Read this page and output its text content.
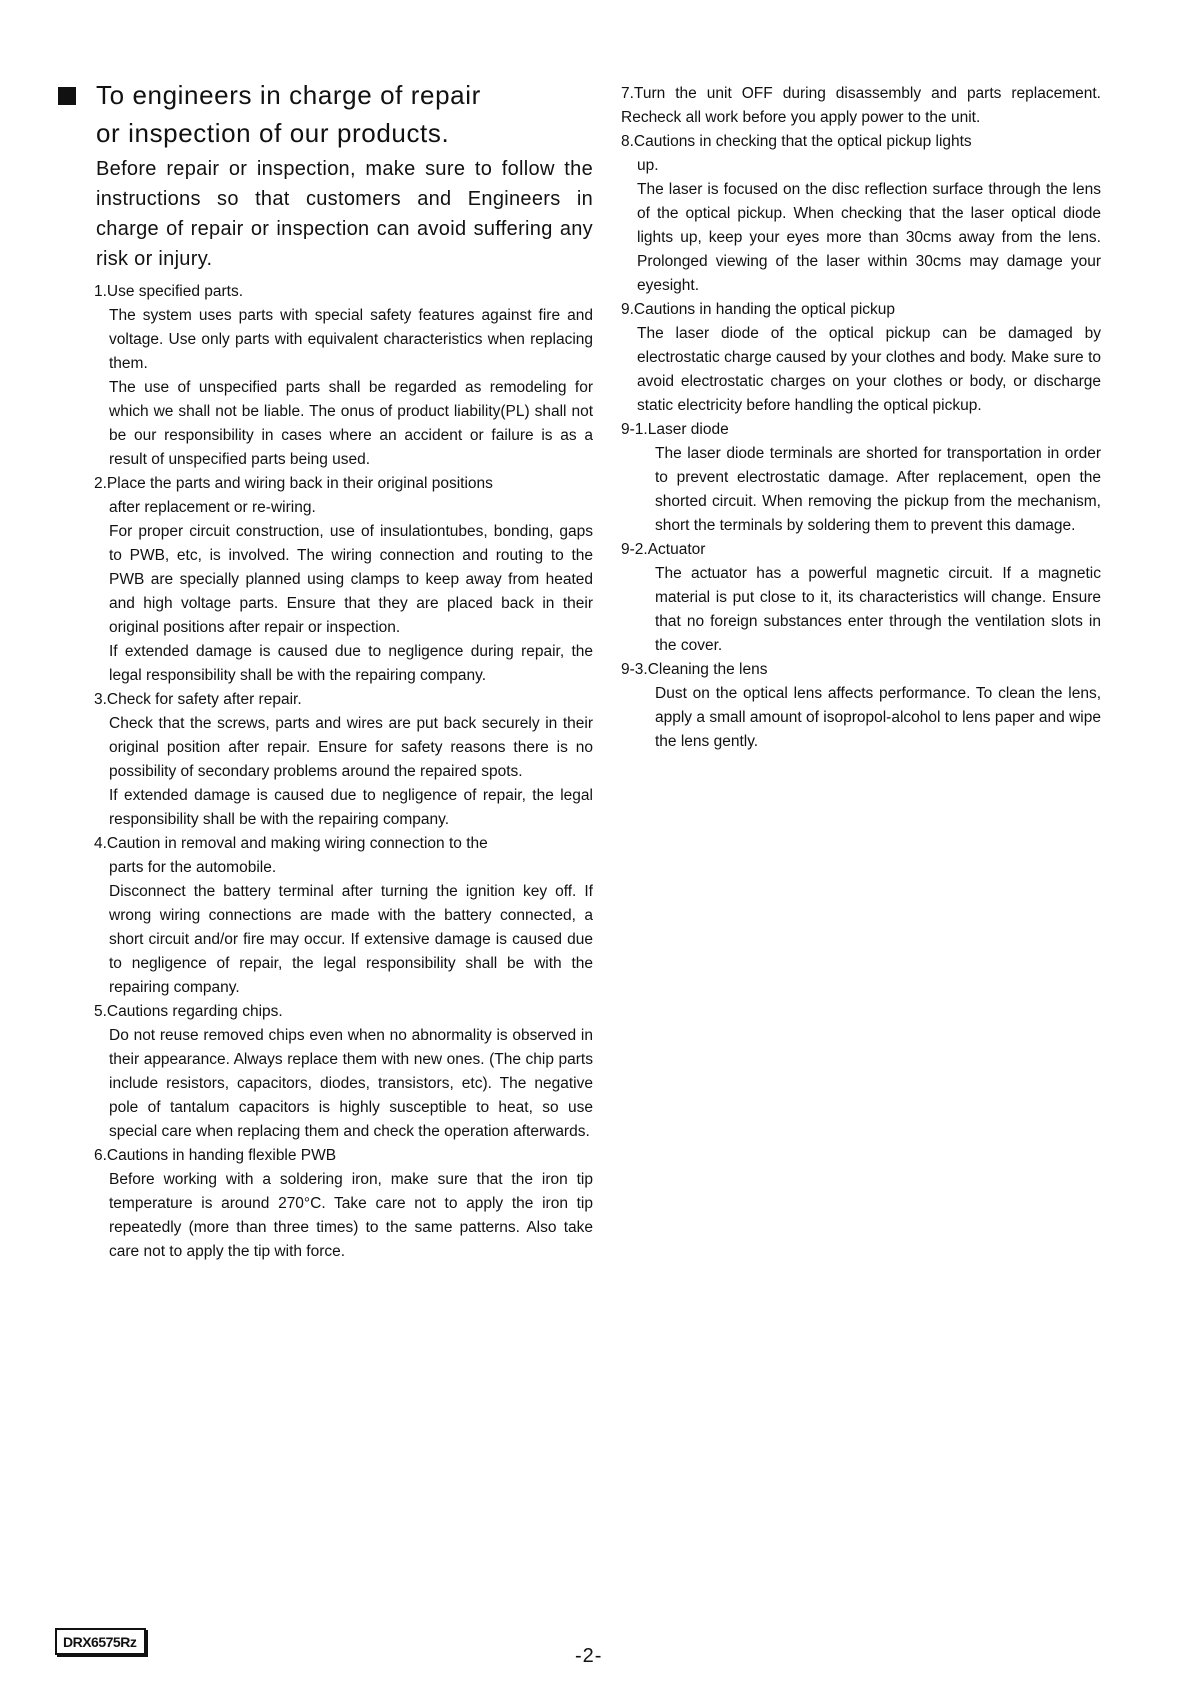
To engineers in charge of repair
or inspection of our products.
Before repair or inspection, make sure to follow the instructions so that customers and Engineers in charge of repair or inspection can avoid suffering any risk or injury.
1.Use specified parts.

The system uses parts with special safety features against fire and voltage. Use only parts with equivalent characteristics when replacing them.

The use of unspecified parts shall be regarded as remodeling for which we shall not be liable. The onus of product liability(PL) shall not be our responsibility in cases where an accident or failure is as a result of unspecified parts being used.

2.Place the parts and wiring back in their original positions

after replacement or re-wiring.

For proper circuit construction, use of insulationtubes, bonding, gaps to PWB, etc, is involved. The wiring connection and routing to the PWB are specially planned using clamps to keep away from heated and high voltage parts. Ensure that they are placed back in their original positions after repair or inspection.

If extended damage is caused due to negligence during repair, the legal responsibility shall be with the repairing company.

3.Check for safety after repair.

Check that the screws, parts and wires are put back securely in their original position after repair. Ensure for safety reasons there is no possibility of secondary problems around the repaired spots.

If extended damage is caused due to negligence of repair, the legal responsibility shall be with the repairing company.

4.Caution in removal and making wiring connection to the

parts for the automobile.

Disconnect the battery terminal after turning the ignition key off. If wrong wiring connections are made with the battery connected, a short circuit and/or fire may occur. If extensive damage is caused due to negligence of repair, the legal responsibility shall be with the repairing company.

5.Cautions regarding chips.

Do not reuse removed chips even when no abnormality is observed in their appearance. Always replace them with new ones. (The chip parts include resistors, capacitors, diodes, transistors, etc). The negative pole of tantalum capacitors is highly susceptible to heat, so use special care when replacing them and check the operation afterwards.

6.Cautions in handing flexible PWB

Before working with a soldering iron, make sure that the iron tip temperature is around 270°C. Take care not to apply the iron tip repeatedly (more than three times) to the same patterns. Also take care not to apply the tip with force.

7.Turn the unit OFF during disassembly and parts replacement. Recheck all work before you apply power to the unit.

8.Cautions in checking that the optical pickup lights

up.

The laser is focused on the disc reflection surface through the lens of the optical pickup. When checking that the laser optical diode lights up, keep your eyes more than 30cms away from the lens. Prolonged viewing of the laser within 30cms may damage your eyesight.

9.Cautions in handing the optical pickup

The laser diode of the optical pickup can be damaged by electrostatic charge caused by your clothes and body. Make sure to avoid electrostatic charges on your clothes or body, or discharge static electricity before handling the optical pickup.

9-1.Laser diode

The laser diode terminals are shorted for transportation in order to prevent electrostatic damage. After replacement, open the shorted circuit. When removing the pickup from the mechanism, short the terminals by soldering them to prevent this damage.

9-2.Actuator

The actuator has a powerful magnetic circuit. If a magnetic material is put close to it, its characteristics will change. Ensure that no foreign substances enter through the ventilation slots in the cover.

9-3.Cleaning the lens

Dust on the optical lens affects performance. To clean the lens, apply a small amount of isopropol-alcohol to lens paper and wipe the lens gently.

DRX6575Rz
-2-
